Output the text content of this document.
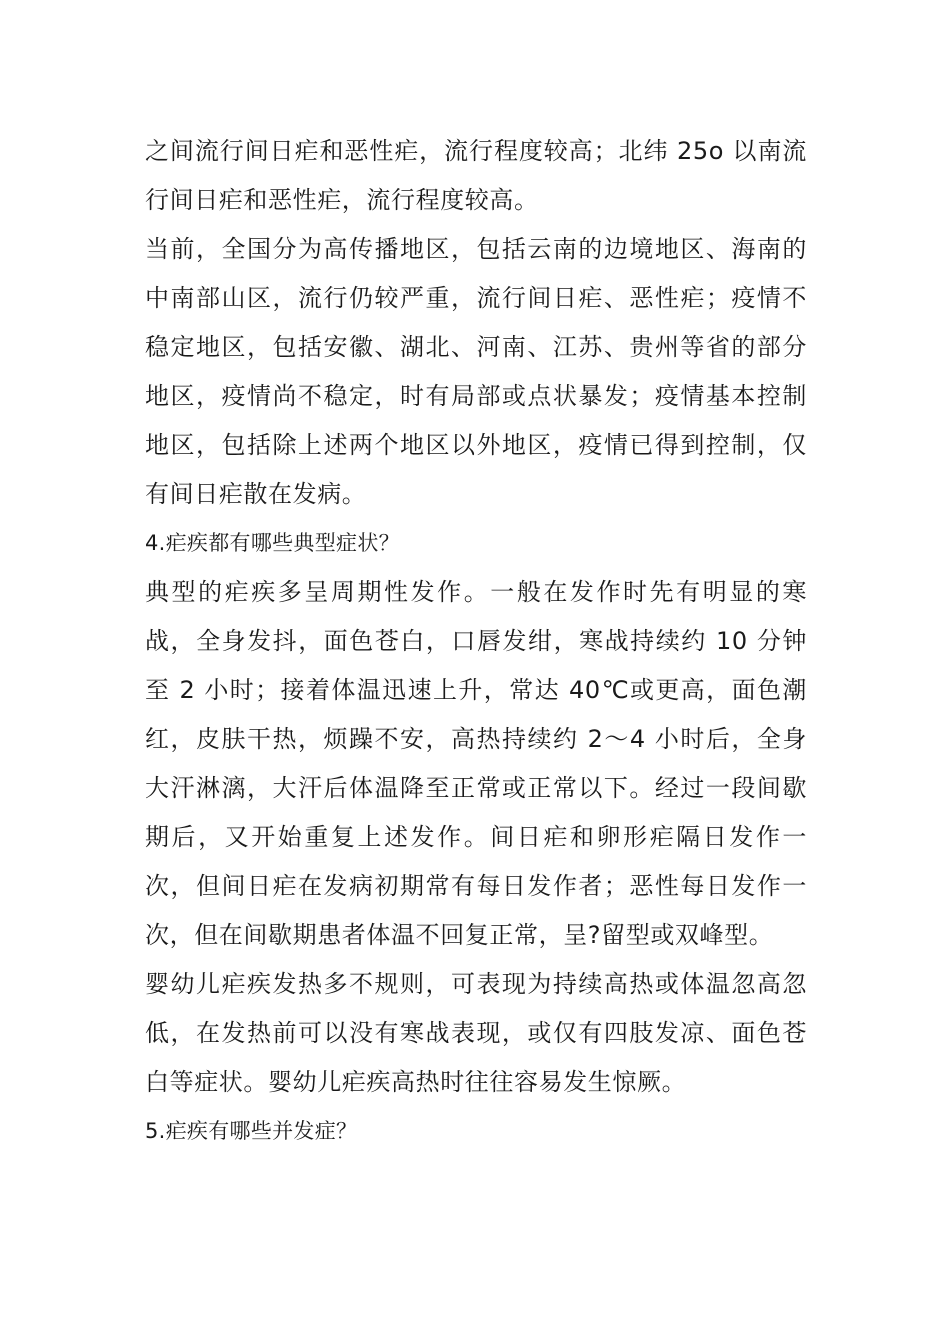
之间流行间日疟和恶性疟，流行程度较高；北纬 25o 以南流行间日疟和恶性疟，流行程度较高。

当前，全国分为高传播地区，包括云南的边境地区、海南的中南部山区，流行仍较严重，流行间日疟、恶性疟；疫情不稳定地区，包括安徽、湖北、河南、江苏、贵州等省的部分地区，疫情尚不稳定，时有局部或点状暴发；疫情基本控制地区，包括除上述两个地区以外地区，疫情已得到控制，仅有间日疟散在发病。

4.疟疾都有哪些典型症状？

典型的疟疾多呈周期性发作。一般在发作时先有明显的寒战，全身发抖，面色苍白，口唇发绀，寒战持续约 10 分钟至 2 小时；接着体温迅速上升，常达 40℃或更高，面色潮红，皮肤干热，烦躁不安，高热持续约 2～4 小时后，全身大汗淋漓，大汗后体温降至正常或正常以下。经过一段间歇期后，又开始重复上述发作。间日疟和卵形疟隔日发作一次，但间日疟在发病初期常有每日发作者；恶性每日发作一次，但在间歇期患者体温不回复正常，呈?留型或双峰型。

婴幼儿疟疾发热多不规则，可表现为持续高热或体温忽高忽低，在发热前可以没有寒战表现，或仅有四肢发凉、面色苍白等症状。婴幼儿疟疾高热时往往容易发生惊厥。

5.疟疾有哪些并发症？
